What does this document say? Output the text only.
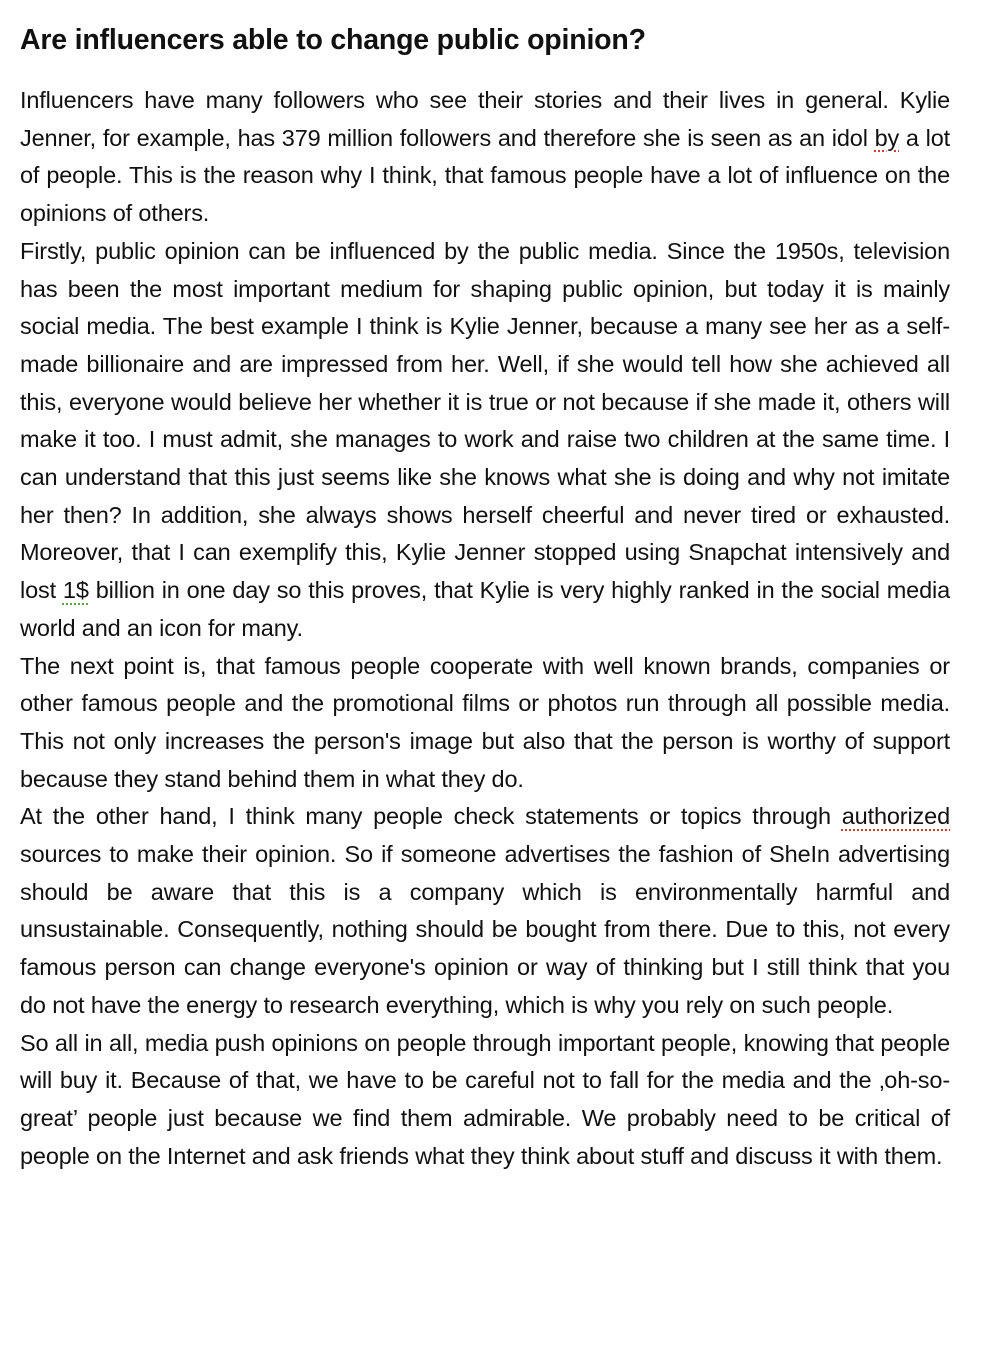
Are influencers able to change public opinion?

Influencers have many followers who see their stories and their lives in general. Kylie Jenner, for example, has 379 million followers and therefore she is seen as an idol by a lot of people. This is the reason why I think, that famous people have a lot of influence on the opinions of others.

Firstly, public opinion can be influenced by the public media. Since the 1950s, television has been the most important medium for shaping public opinion, but today it is mainly social media. The best example I think is Kylie Jenner, because a many see her as a self-made billionaire and are impressed from her. Well, if she would tell how she achieved all this, everyone would believe her whether it is true or not because if she made it, others will make it too. I must admit, she manages to work and raise two children at the same time. I can understand that this just seems like she knows what she is doing and why not imitate her then? In addition, she always shows herself cheerful and never tired or exhausted. Moreover, that I can exemplify this, Kylie Jenner stopped using Snapchat intensively and lost 1$ billion in one day so this proves, that Kylie is very highly ranked in the social media world and an icon for many.

The next point is, that famous people cooperate with well known brands, companies or other famous people and the promotional films or photos run through all possible media. This not only increases the person's image but also that the person is worthy of support because they stand behind them in what they do.

At the other hand, I think many people check statements or topics through authorized sources to make their opinion. So if someone advertises the fashion of SheIn advertising should be aware that this is a company which is environmentally harmful and unsustainable. Consequently, nothing should be bought from there. Due to this, not every famous person can change everyone's opinion or way of thinking but I still think that you do not have the energy to research everything, which is why you rely on such people.

So all in all, media push opinions on people through important people, knowing that people will buy it. Because of that, we have to be careful not to fall for the media and the ‚oh-so-great’ people just because we find them admirable. We probably need to be critical of people on the Internet and ask friends what they think about stuff and discuss it with them.
